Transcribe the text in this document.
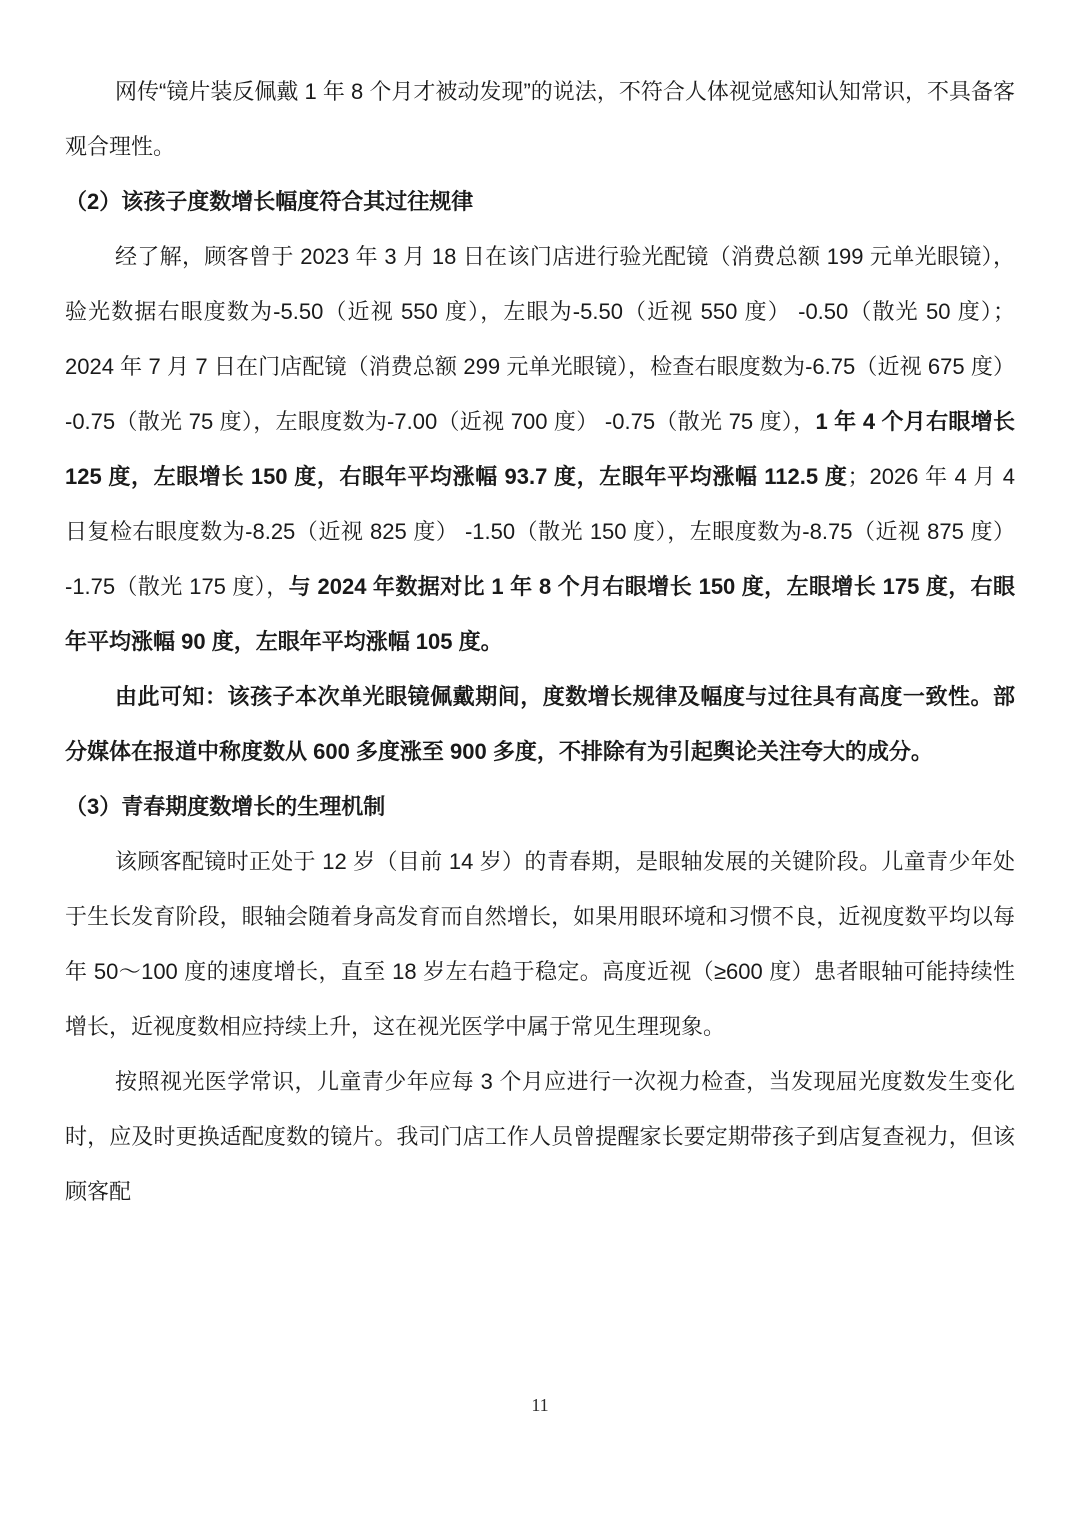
网传“镜片装反佩戴 1 年 8 个月才被动发现”的说法，不符合人体视觉感知认知常识，不具备客观合理性。

（2）该孩子度数增长幅度符合其过往规律

经了解，顾客曾于 2023 年 3 月 18 日在该门店进行验光配镜（消费总额 199 元单光眼镜），验光数据右眼度数为-5.50（近视 550 度），左眼为-5.50（近视 550 度） -0.50（散光 50 度）；2024 年 7 月 7 日在门店配镜（消费总额 299 元单光眼镜），检查右眼度数为-6.75（近视 675 度） -0.75（散光 75 度），左眼度数为-7.00（近视 700 度） -0.75（散光 75 度），1 年 4 个月右眼增长 125 度，左眼增长 150 度，右眼年平均涨幅 93.7 度，左眼年平均涨幅 112.5 度；2026 年 4 月 4 日复检右眼度数为-8.25（近视 825 度） -1.50（散光 150 度），左眼度数为-8.75（近视 875 度） -1.75（散光 175 度），与 2024 年数据对比 1 年 8 个月右眼增长 150 度，左眼增长 175 度，右眼年平均涨幅 90 度，左眼年平均涨幅 105 度。

由此可知：该孩子本次单光眼镜佩戴期间，度数增长规律及幅度与过往具有高度一致性。部分媒体在报道中称度数从 600 多度涨至 900 多度，不排除有为引起舆论关注夸大的成分。

（3）青春期度数增长的生理机制

该顾客配镜时正处于 12 岁（目前 14 岁）的青春期，是眼轴发展的关键阶段。儿童青少年处于生长发育阶段，眼轴会随着身高发育而自然增长，如果用眼环境和习惯不良，近视度数平均以每年 50～100 度的速度增长，直至 18 岁左右趋于稳定。高度近视（≥600 度）患者眼轴可能持续性增长，近视度数相应持续上升，这在视光医学中属于常见生理现象。

按照视光医学常识，儿童青少年应每 3 个月应进行一次视力检查，当发现屈光度数发生变化时，应及时更换适配度数的镜片。我司门店工作人员曾提醒家长要定期带孩子到店复查视力，但该顾客配

11
